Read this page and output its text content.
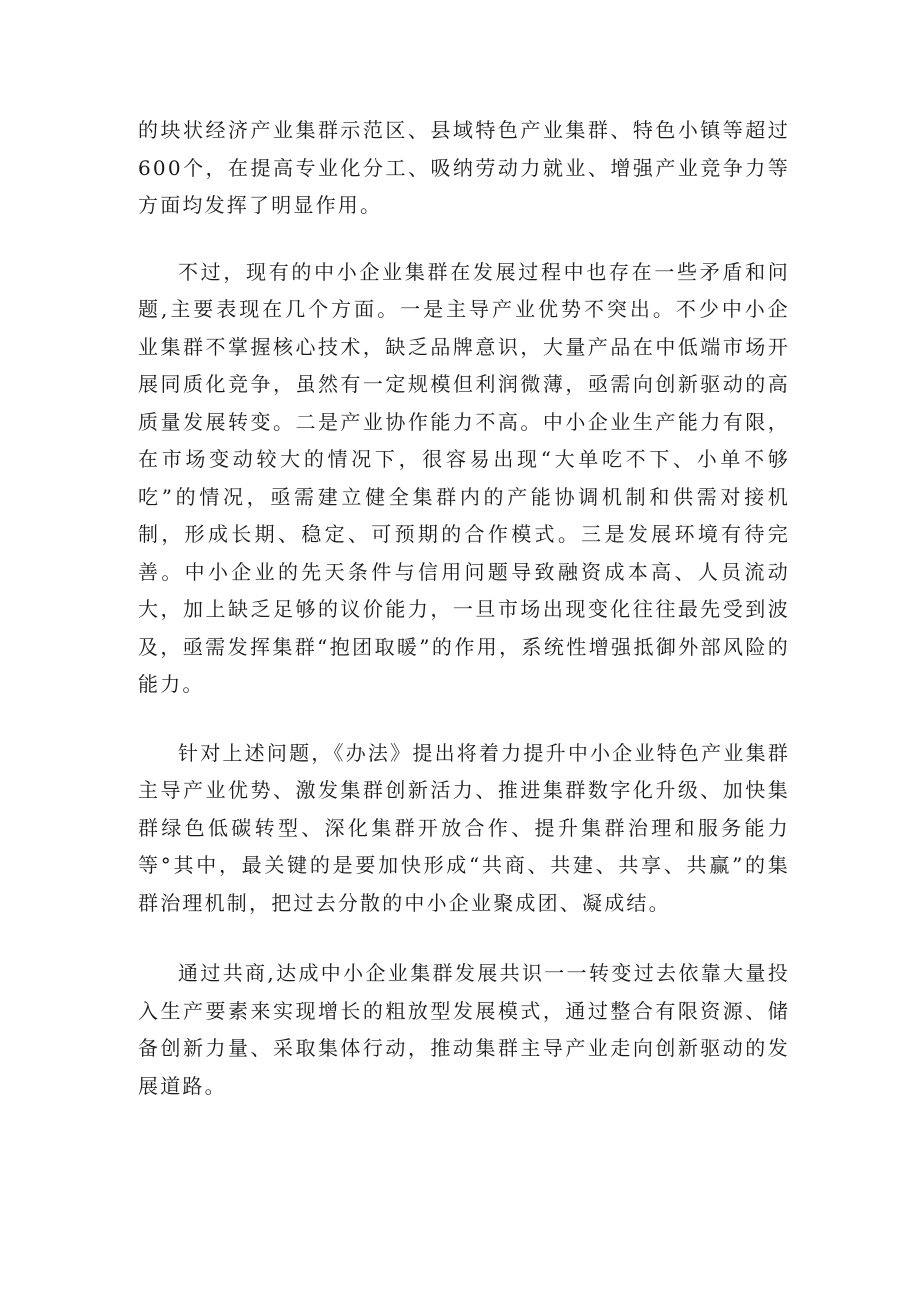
的块状经济产业集群示范区、县域特色产业集群、特色小镇等超过600个，在提高专业化分工、吸纳劳动力就业、增强产业竞争力等方面均发挥了明显作用。

不过，现有的中小企业集群在发展过程中也存在一些矛盾和问题,主要表现在几个方面。一是主导产业优势不突出。不少中小企业集群不掌握核心技术，缺乏品牌意识，大量产品在中低端市场开展同质化竞争，虽然有一定规模但利润微薄，亟需向创新驱动的高质量发展转变。二是产业协作能力不高。中小企业生产能力有限，在市场变动较大的情况下，很容易出现“大单吃不下、小单不够吃”的情况，亟需建立健全集群内的产能协调机制和供需对接机制，形成长期、稳定、可预期的合作模式。三是发展环境有待完善。中小企业的先天条件与信用问题导致融资成本高、人员流动大，加上缺乏足够的议价能力，一旦市场出现变化往往最先受到波及，亟需发挥集群“抱团取暖”的作用，系统性增强抵御外部风险的能力。

针对上述问题，《办法》提出将着力提升中小企业特色产业集群主导产业优势、激发集群创新活力、推进集群数字化升级、加快集群绿色低碳转型、深化集群开放合作、提升集群治理和服务能力等°其中，最关键的是要加快形成“共商、共建、共享、共赢”的集群治理机制，把过去分散的中小企业聚成团、凝成结。

通过共商,达成中小企业集群发展共识一一转变过去依靠大量投入生产要素来实现增长的粗放型发展模式，通过整合有限资源、储备创新力量、采取集体行动，推动集群主导产业走向创新驱动的发展道路。
